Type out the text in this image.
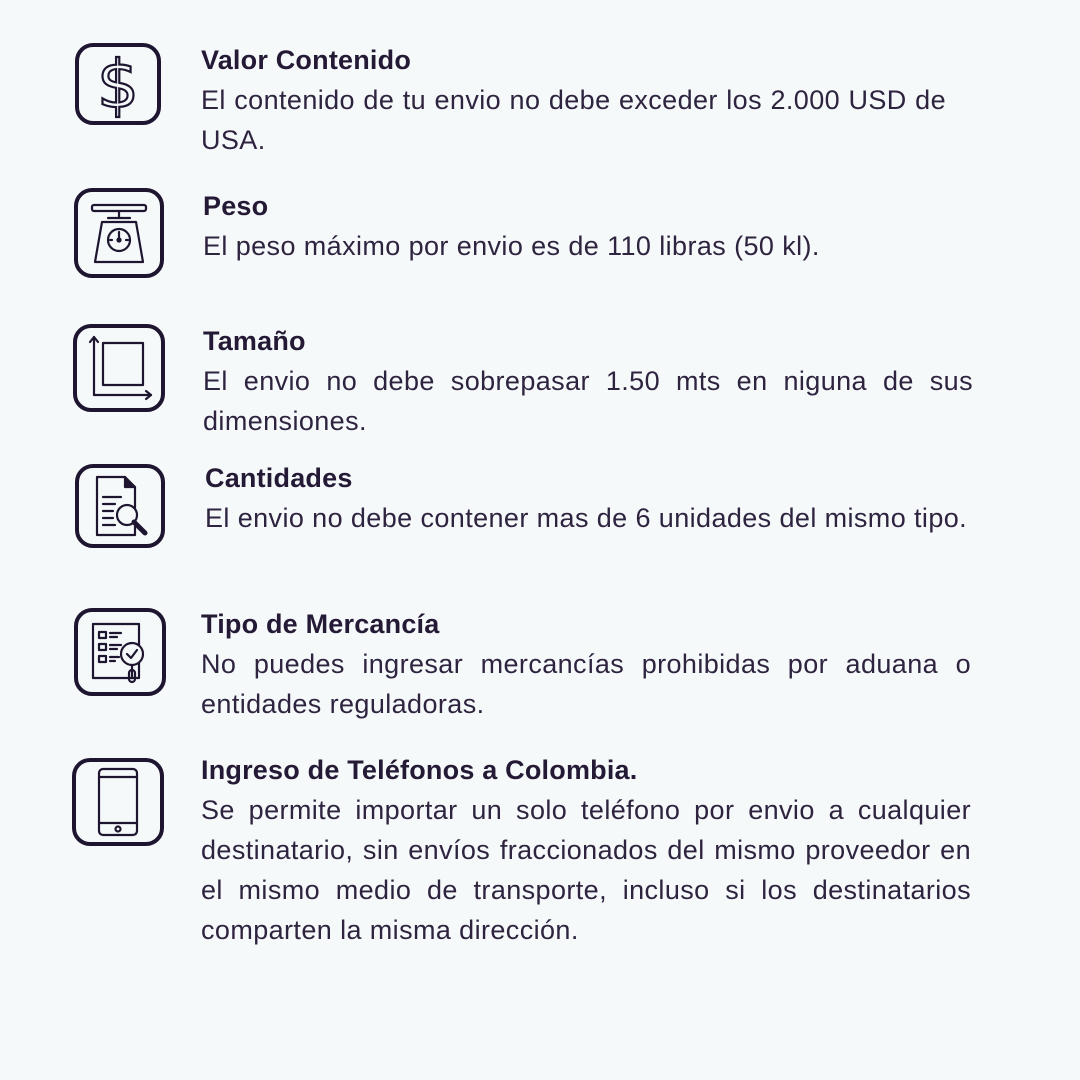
$ Valor Contenido
El contenido de tu envio no debe exceder los 2.000 USD de USA.
Peso
El peso máximo por envio es de 110 libras (50 kl).
Tamaño
El envio no debe sobrepasar 1.50 mts en niguna de sus dimensiones.
Cantidades
El envio no debe contener mas de 6 unidades del mismo tipo.
Tipo de Mercancía
No puedes ingresar mercancías prohibidas por aduana o entidades reguladoras.
Ingreso de Teléfonos a Colombia.
Se permite importar un solo teléfono por envio a cualquier destinatario, sin envíos fraccionados del mismo proveedor en el mismo medio de transporte, incluso si los destinatarios comparten la misma dirección.
